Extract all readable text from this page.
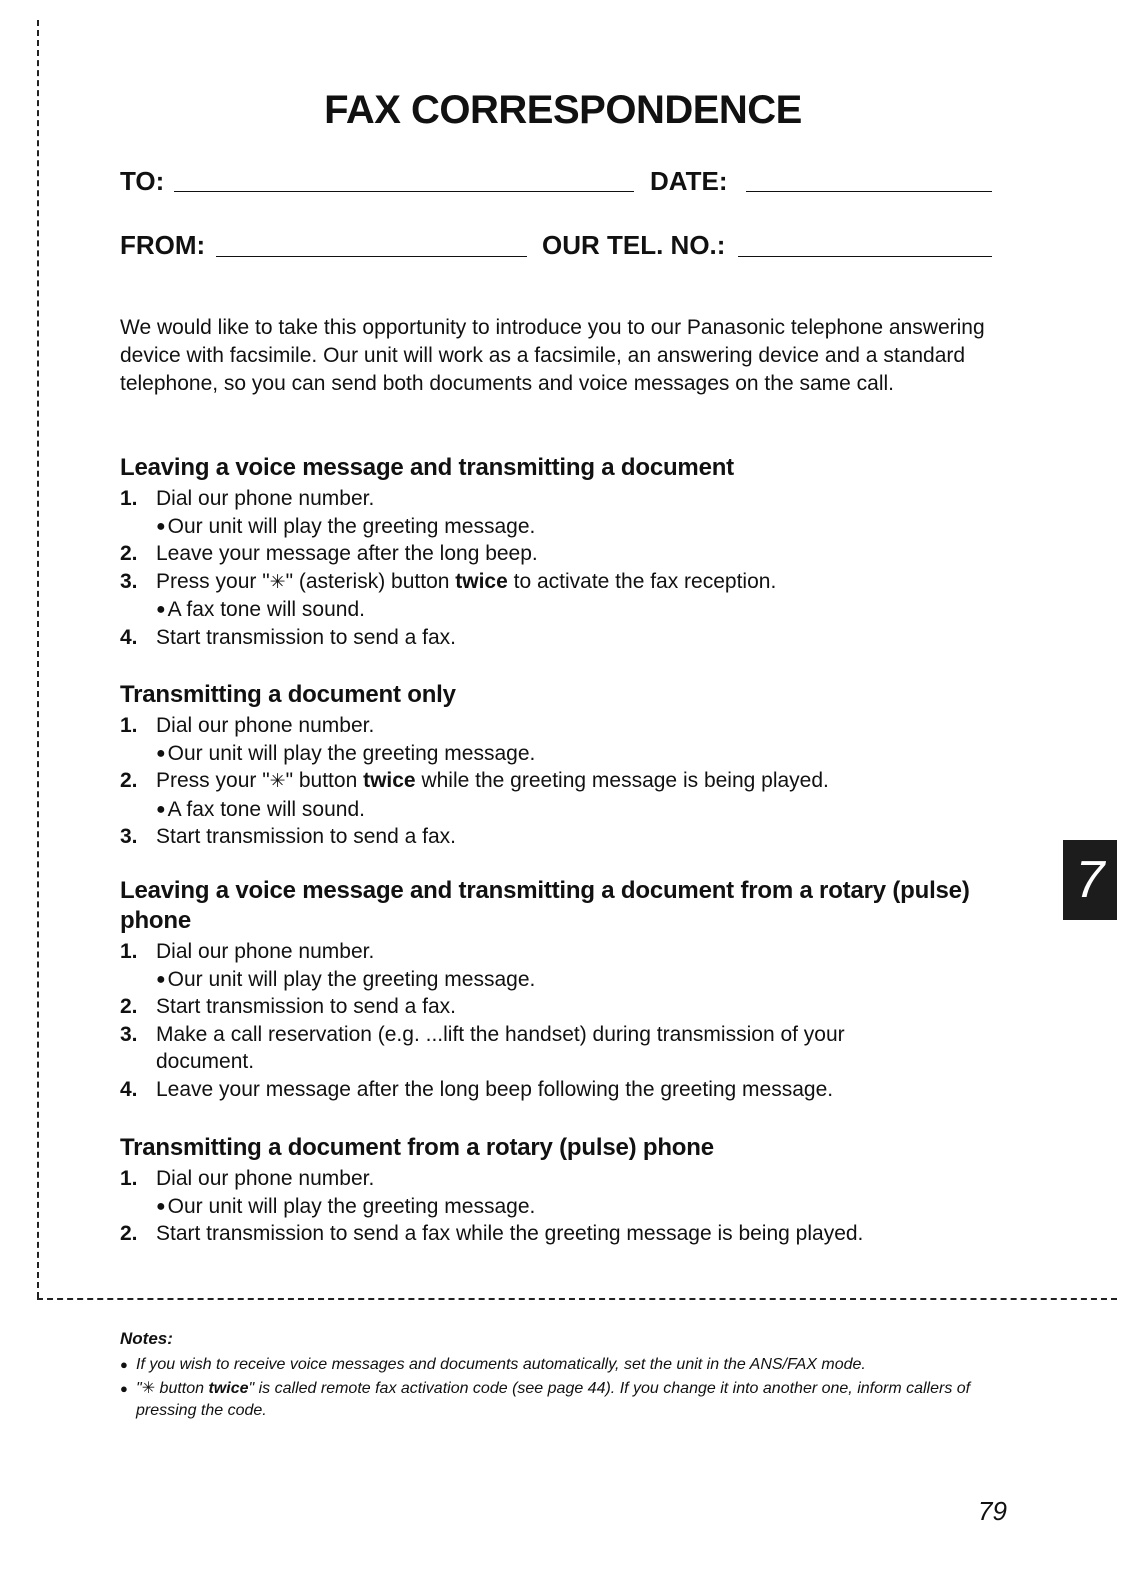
FAX CORRESPONDENCE
TO:	DATE:
FROM:	OUR TEL. NO.:
We would like to take this opportunity to introduce you to our Panasonic telephone answering device with facsimile. Our unit will work as a facsimile, an answering device and a standard telephone, so you can send both documents and voice messages on the same call.
Leaving a voice message and transmitting a document
1. Dial our phone number.
●Our unit will play the greeting message.
2. Leave your message after the long beep.
3. Press your "✳" (asterisk) button twice to activate the fax reception.
●A fax tone will sound.
4. Start transmission to send a fax.
Transmitting a document only
1. Dial our phone number.
●Our unit will play the greeting message.
2. Press your "✳" button twice while the greeting message is being played.
●A fax tone will sound.
3. Start transmission to send a fax.
Leaving a voice message and transmitting a document from a rotary (pulse) phone
1. Dial our phone number.
●Our unit will play the greeting message.
2. Start transmission to send a fax.
3. Make a call reservation (e.g. ...lift the handset) during transmission of your document.
4. Leave your message after the long beep following the greeting message.
Transmitting a document from a rotary (pulse) phone
1. Dial our phone number.
●Our unit will play the greeting message.
2. Start transmission to send a fax while the greeting message is being played.
7
Notes:
● If you wish to receive voice messages and documents automatically, set the unit in the ANS/FAX mode.
● "✳ button twice" is called remote fax activation code (see page 44). If you change it into another one, inform callers of pressing the code.
79
